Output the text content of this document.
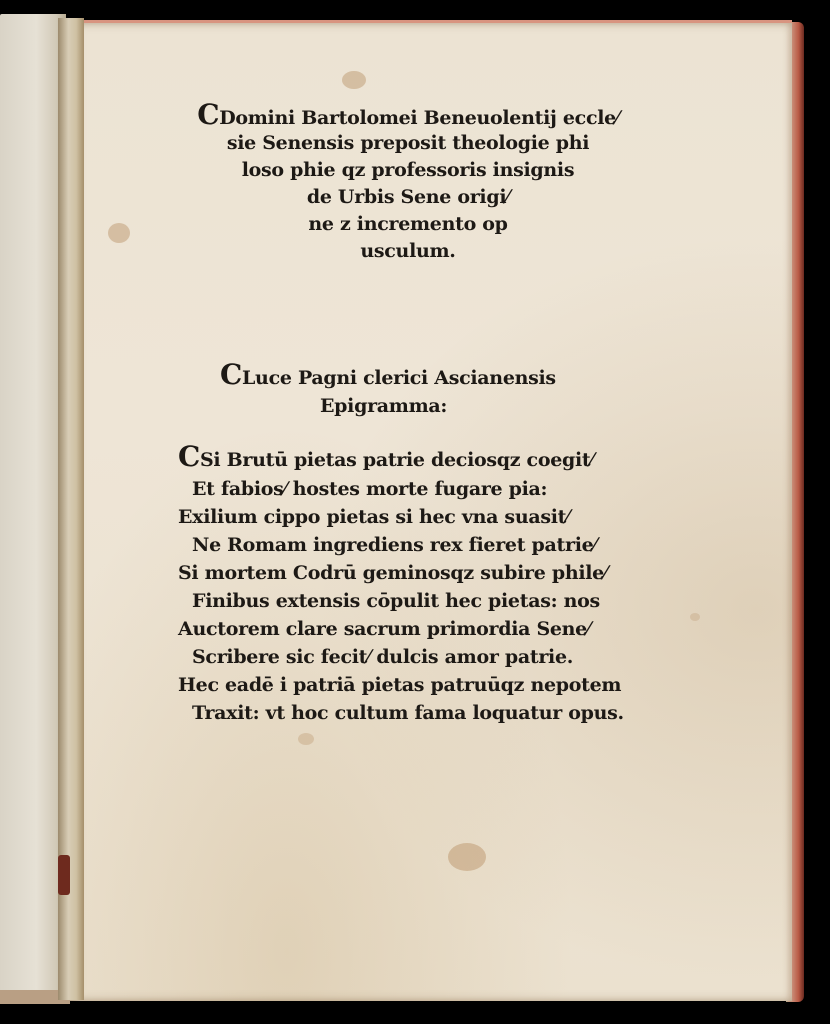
CDomini Bartolomei Beneuolentij eccle⁄
sie Senensis preposit theologie phi
loso phie qz professoris insignis
de Urbis Sene origi⁄
ne z incremento op
usculum.
CLuce Pagni clerici Ascianensis
Epigramma:
CSi Brutū pietas patrie deciosqz coegit⁄
Et fabios⁄ hostes morte fugare pia:
Exilium cippo pietas si hec vna suasit⁄
Ne Romam ingrediens rex fieret patrie⁄
Si mortem Codrū geminosqz subire phile⁄
Finibus extensis cōpulit hec pietas: nos
Auctorem clare sacrum primordia Sene⁄
Scribere sic fecit⁄ dulcis amor patrie.
Hec eadē i patriā pietas patruūqz nepotem
Traxit: vt hoc cultum fama loquatur opus.
